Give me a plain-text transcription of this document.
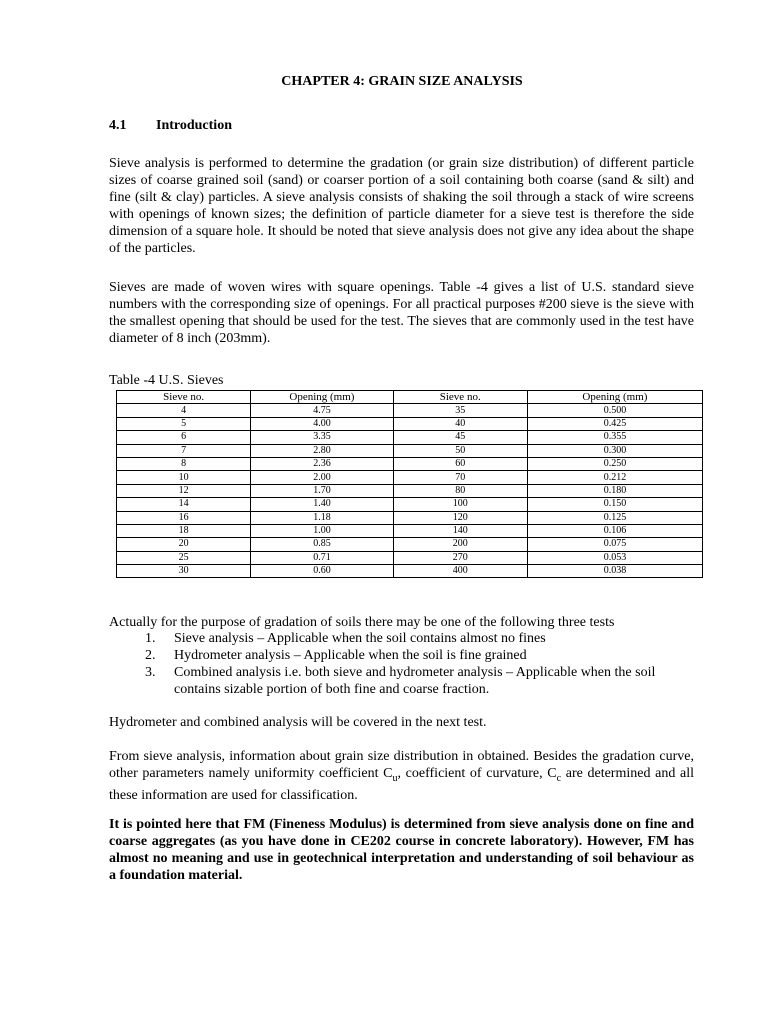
CHAPTER 4: GRAIN SIZE ANALYSIS
4.1 Introduction

Sieve analysis is performed to determine the gradation (or grain size distribution) of different particle sizes of coarse grained soil (sand) or coarser portion of a soil containing both coarse (sand & silt) and fine (silt & clay) particles. A sieve analysis consists of shaking the soil through a stack of wire screens with openings of known sizes; the definition of particle diameter for a sieve test is therefore the side dimension of a square hole. It should be noted that sieve analysis does not give any idea about the shape of the particles.

Sieves are made of woven wires with square openings. Table -4 gives a list of U.S. standard sieve numbers with the corresponding size of openings. For all practical purposes #200 sieve is the sieve with the smallest opening that should be used for the test. The sieves that are commonly used in the test have diameter of 8 inch (203mm).

Table -4 U.S. Sieves
Sieve no.	Opening (mm)	Sieve no.	Opening (mm)
4	4.75	35	0.500
5	4.00	40	0.425
6	3.35	45	0.355
7	2.80	50	0.300
8	2.36	60	0.250
10	2.00	70	0.212
12	1.70	80	0.180
14	1.40	100	0.150
16	1.18	120	0.125
18	1.00	140	0.106
20	0.85	200	0.075
25	0.71	270	0.053
30	0.60	400	0.038

Actually for the purpose of gradation of soils there may be one of the following three tests

1. Sieve analysis – Applicable when the soil contains almost no fines
2. Hydrometer analysis – Applicable when the soil is fine grained
3. Combined analysis i.e. both sieve and hydrometer analysis – Applicable when the soil
contains sizable portion of both fine and coarse fraction.

Hydrometer and combined analysis will be covered in the next test.

From sieve analysis, information about grain size distribution in obtained. Besides the gradation curve, other parameters namely uniformity coefficient $C_u$, coefficient of curvature, $C_c$ are determined and all these information are used for classification.

It is pointed here that FM (Fineness Modulus) is determined from sieve analysis done on fine and coarse aggregates (as you have done in CE202 course in concrete laboratory). However, FM has almost no meaning and use in geotechnical interpretation and understanding of soil behaviour as a foundation material.
